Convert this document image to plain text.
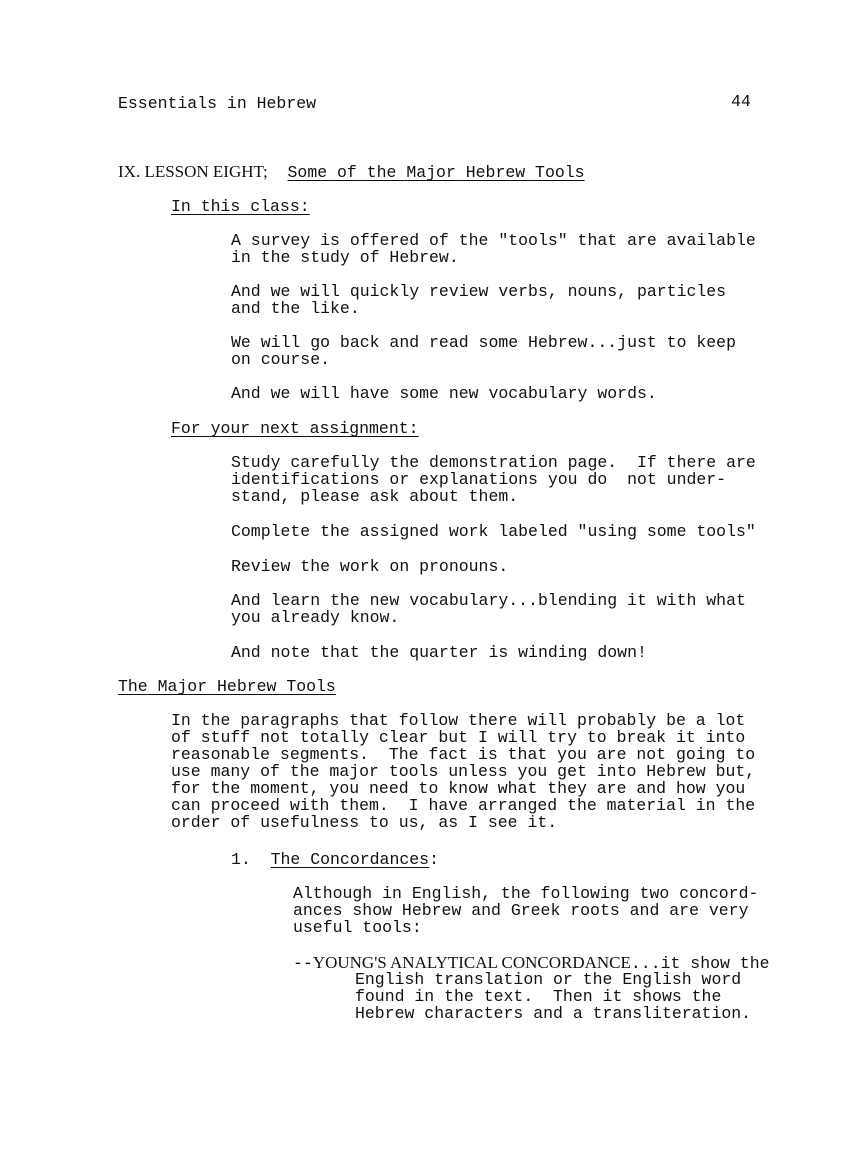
Essentials in Hebrew	44
IX. LESSON EIGHT; Some of the Major Hebrew Tools
In this class:

A survey is offered of the "tools" that are available
in the study of Hebrew.

And we will quickly review verbs, nouns, particles
and the like.

We will go back and read some Hebrew...just to keep
on course.

And we will have some new vocabulary words.

For your next assignment:

Study carefully the demonstration page.  If there are
identifications or explanations you do  not under-
stand, please ask about them.

Complete the assigned work labeled "using some tools"

Review the work on pronouns.

And learn the new vocabulary...blending it with what
you already know.

And note that the quarter is winding down!

The Major Hebrew Tools

In the paragraphs that follow there will probably be a lot
of stuff not totally clear but I will try to break it into
reasonable segments.  The fact is that you are not going to
use many of the major tools unless you get into Hebrew but,
for the moment, you need to know what they are and how you
can proceed with them.  I have arranged the material in the
order of usefulness to us, as I see it.

1. The Concordances:

Although in English, the following two concord-
ances show Hebrew and Greek roots and are very
useful tools:

--YOUNG'S ANALYTICAL CONCORDANCE...it show the

English translation or the English word
found in the text.  Then it shows the
Hebrew characters and a transliteration.
